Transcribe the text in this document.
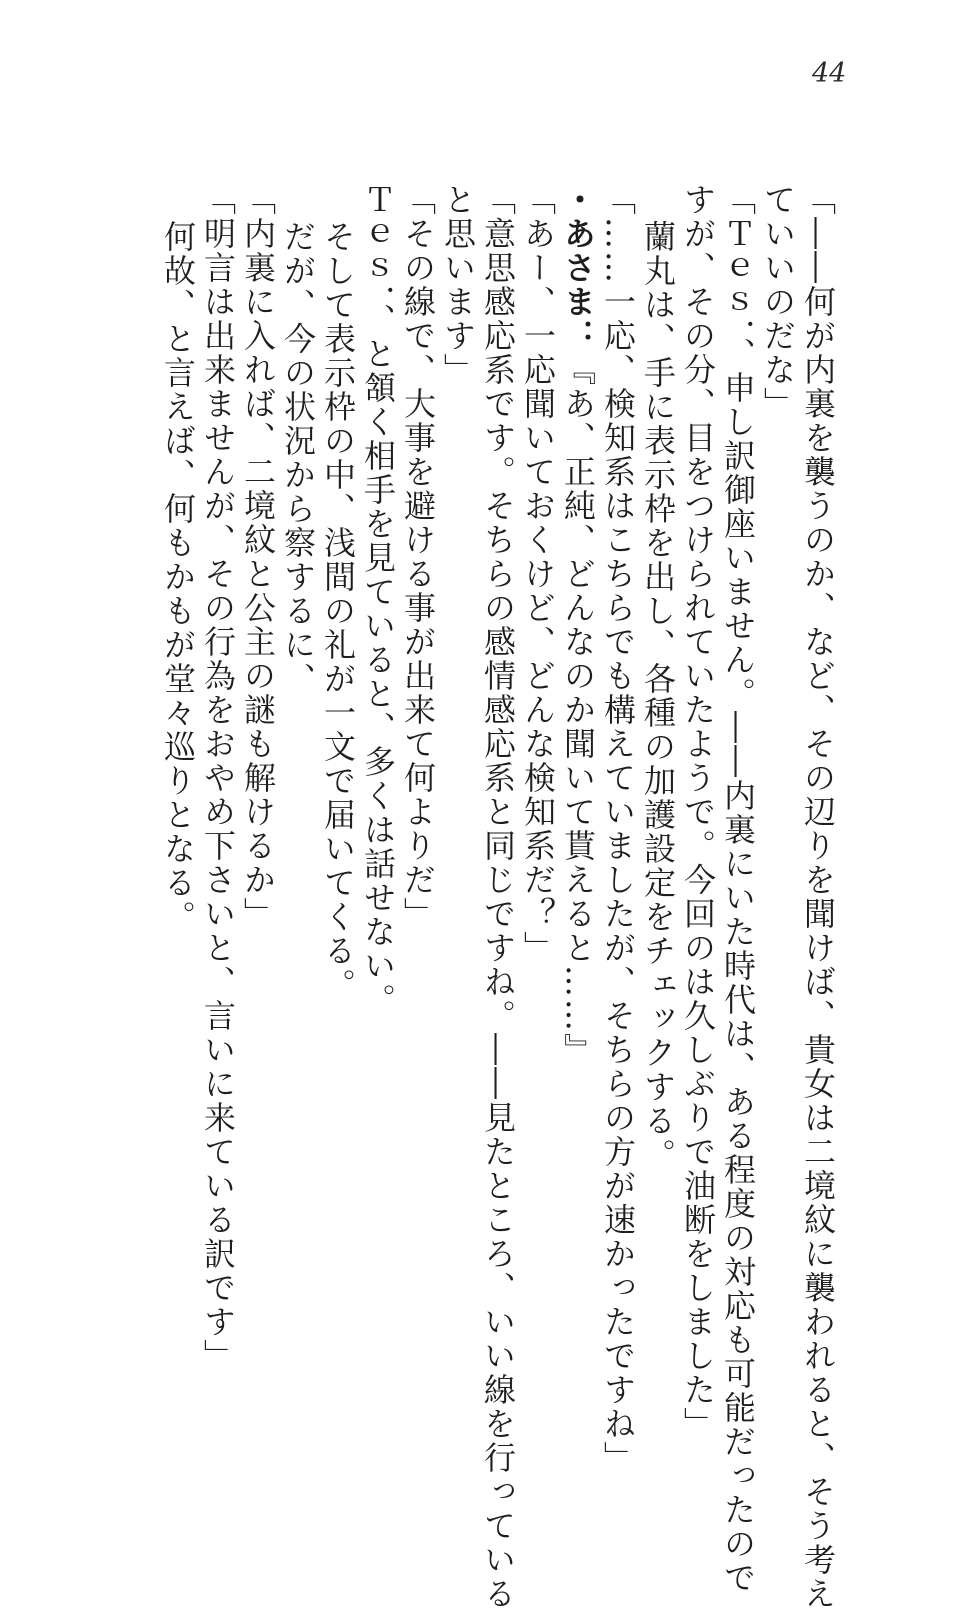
44
「――何が内裏を襲うのか、など、その辺りを聞けば、貴女は二境紋に襲われると、そう考え
ていいのだな」
「Ｔｅｓ．、申し訳御座いません。――内裏にいた時代は、ある程度の対応も可能だったので
すが、その分、目をつけられていたようで。今回のは久しぶりで油断をしました」
蘭丸は、手に表示枠を出し、各種の加護設定をチェックする。
「……一応、検知系はこちらでも構えていましたが、そちらの方が速かったですね」
・あさま：『あ、正純、どんなのか聞いて貰えると……』
「あー、一応聞いておくけど、どんな検知系だ？」
「意思感応系です。そちらの感情感応系と同じですね。――見たところ、いい線を行っている
と思います」
「その線で、大事を避ける事が出来て何よりだ」
Ｔｅｓ．、と頷く相手を見ていると、多くは話せない。
そして表示枠の中、浅間の礼が一文で届いてくる。
だが、今の状況から察するに、
「内裏に入れば、二境紋と公主の謎も解けるか」
「明言は出来ませんが、その行為をおやめ下さいと、言いに来ている訳です」
何故、と言えば、何もかもが堂々巡りとなる。
